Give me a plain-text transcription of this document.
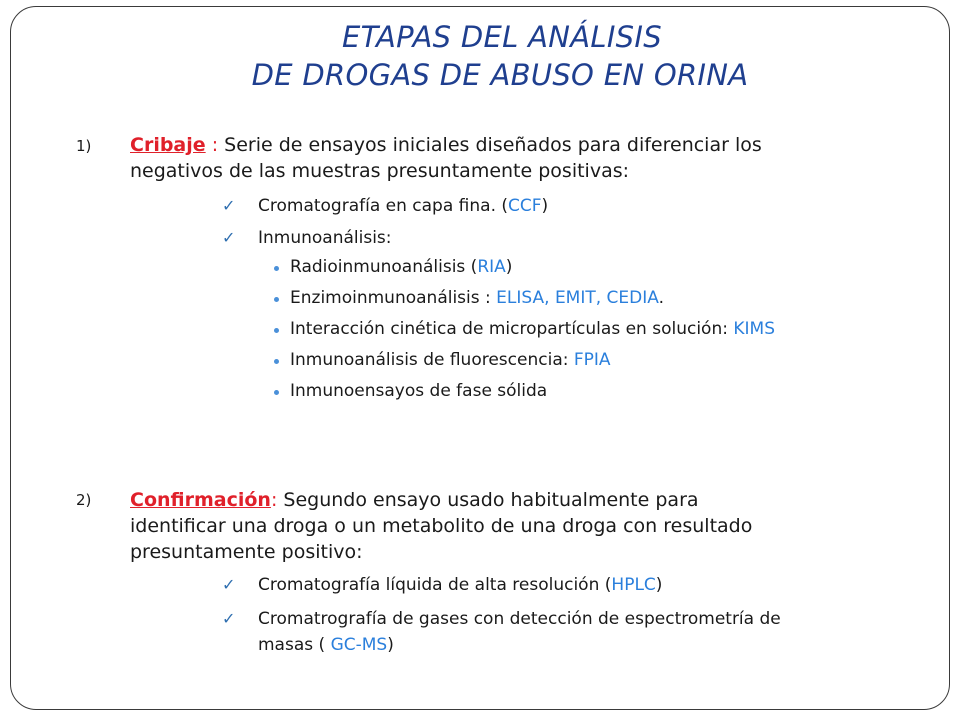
ETAPAS DEL ANÁLISIS
DE DROGAS DE ABUSO EN ORINA
1) Cribaje : Serie de ensayos iniciales diseñados para diferenciar los
negativos de las muestras presuntamente positivas:
✓ Cromatografía en capa fina. (CCF)
✓ Inmunoanálisis:
Radioinmunoanálisis (RIA)
Enzimoinmunoanálisis : ELISA, EMIT, CEDIA.
Interacción cinética de micropartículas en solución: KIMS
Inmunoanálisis de fluorescencia: FPIA
Inmunoensayos de fase sólida
2) Confirmación: Segundo ensayo usado habitualmente para
identificar una droga o un metabolito de una droga con resultado
presuntamente positivo:
✓ Cromatografía líquida de alta resolución (HPLC)
✓ Cromatrografía de gases con detección de espectrometría de
masas ( GC-MS)
